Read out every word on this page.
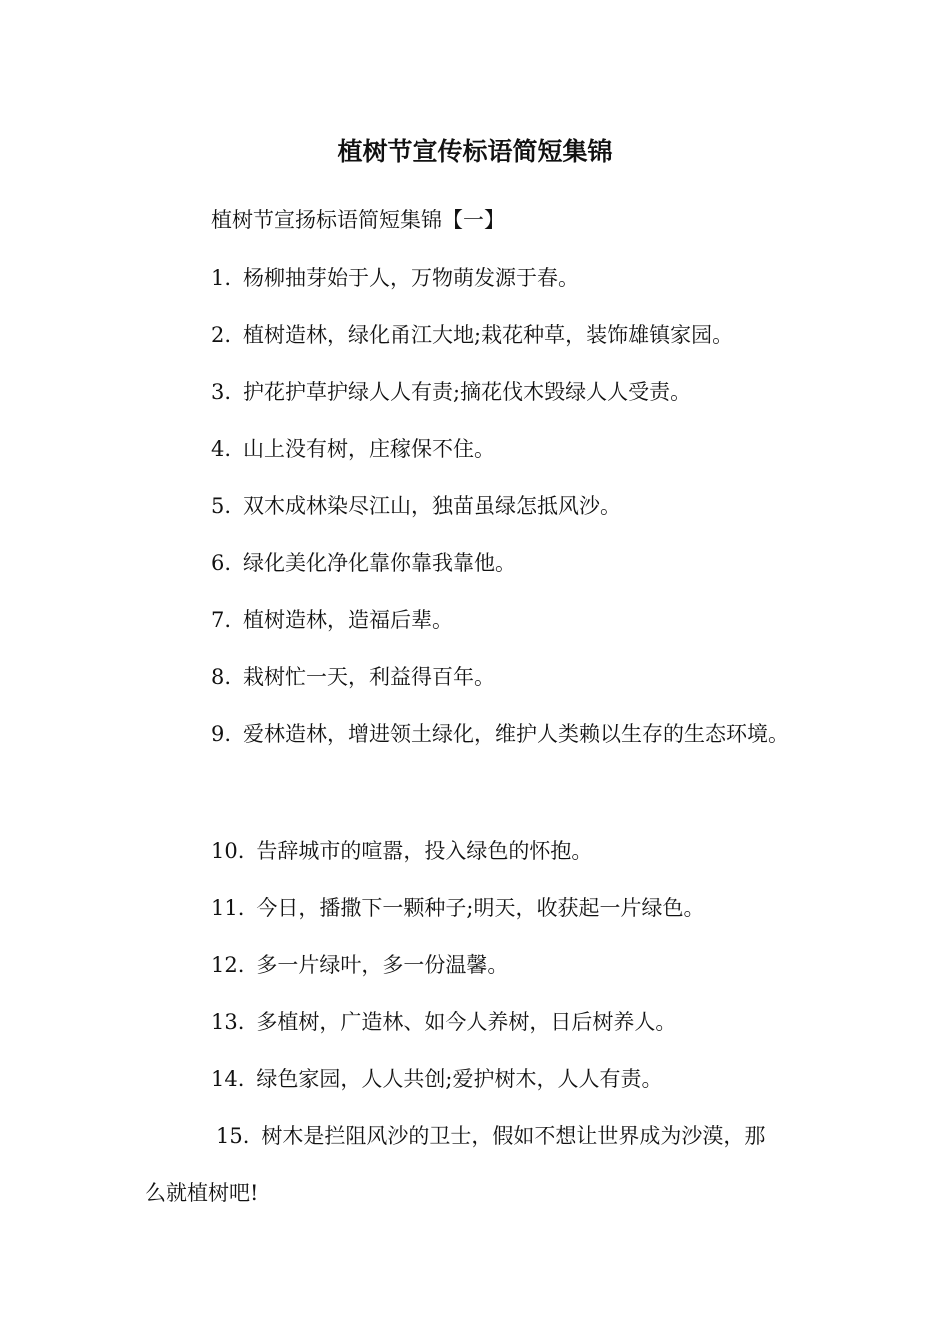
植树节宣传标语简短集锦
植树节宣扬标语简短集锦【一】
1. 杨柳抽芽始于人，万物萌发源于春。
2. 植树造林，绿化甬江大地;栽花种草，装饰雄镇家园。
3. 护花护草护绿人人有责;摘花伐木毁绿人人受责。
4. 山上没有树，庄稼保不住。
5. 双木成林染尽江山，独苗虽绿怎抵风沙。
6. 绿化美化净化靠你靠我靠他。
7. 植树造林，造福后辈。
8. 栽树忙一天，利益得百年。
9. 爱林造林，增进领土绿化，维护人类赖以生存的生态环境。
10. 告辞城市的喧嚣，投入绿色的怀抱。
11. 今日，播撒下一颗种子;明天，收获起一片绿色。
12. 多一片绿叶，多一份温馨。
13. 多植树，广造林、如今人养树，日后树养人。
14. 绿色家园，人人共创;爱护树木，人人有责。
15. 树木是拦阻风沙的卫士，假如不想让世界成为沙漠，那
么就植树吧!
